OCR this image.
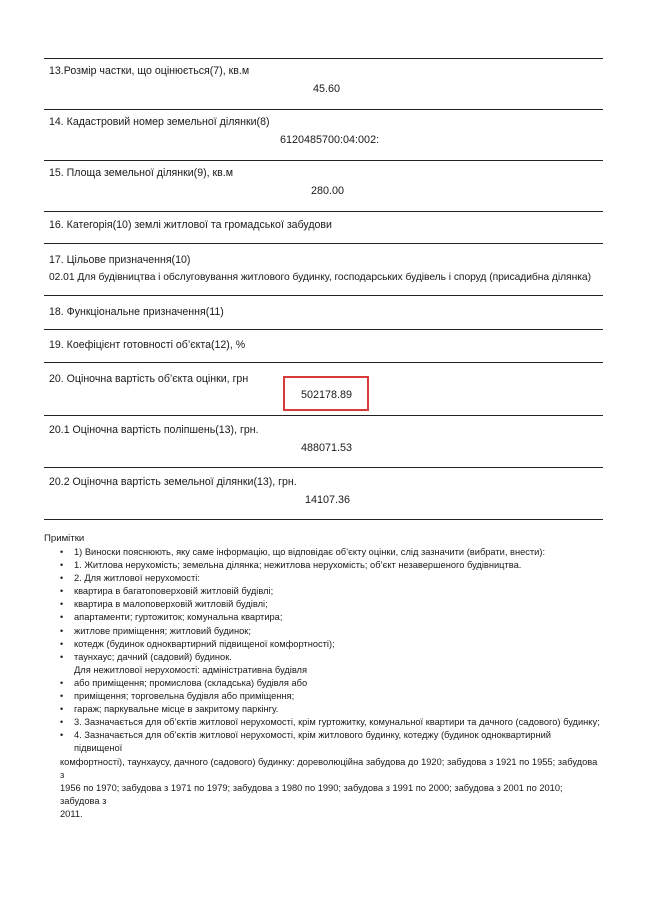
13.Розмір частки, що оцінюється(7), кв.м
45.60
14. Кадастровий номер земельної ділянки(8)
6120485700:04:002:
15. Площа земельної ділянки(9), кв.м
280.00
16. Категорія(10) землі житлової та громадської забудови
17. Цільове призначення(10)
02.01 Для будівництва і обслуговування житлового будинку, господарських будівель і споруд (присадибна ділянка)
18. Функціональне призначення(11)
19. Коефіцієнт готовності об’єкта(12), %
20. Оціночна вартість об’єкта оцінки, грн
502178.89
20.1 Оціночна вартість поліпшень(13), грн.
488071.53
20.2 Оціночна вартість земельної ділянки(13), грн.
14107.36
Примітки
• 1) Виноски пояснюють, яку саме інформацію, що відповідає об’єкту оцінки, слід зазначити (вибрати, внести):
• 1. Житлова нерухомість; земельна ділянка; нежитлова нерухомість; об’єкт незавершеного будівництва.
• 2. Для житлової нерухомості:
• квартира в багатоповерховій житловій будівлі;
• квартира в малоповерховій житловій будівлі;
• апартаменти; гуртожиток; комунальна квартира;
• житлове приміщення; житловий будинок;
• котедж (будинок одноквартирний підвищеної комфортності);
• таунхаус; дачний (садовий) будинок.
Для нежитлової нерухомості: адміністративна будівля
• або приміщення; промислова (складська) будівля або
• приміщення; торговельна будівля або приміщення;
• гараж; паркувальне місце в закритому паркінгу.
• 3. Зазначається для об’єктів житлової нерухомості, крім гуртожитку, комунальної квартири та дачного (садового) будинку;
• 4. Зазначається для об’єктів житлової нерухомості, крім житлового будинку, котеджу (будинок одноквартирний підвищеної
комфортності), таунхаусу, дачного (садового) будинку: дореволюційна забудова до 1920; забудова з 1921 по 1955; забудова з
1956 по 1970; забудова з 1971 по 1979; забудова з 1980 по 1990; забудова з 1991 по 2000; забудова з 2001 по 2010; забудова з
2011.
